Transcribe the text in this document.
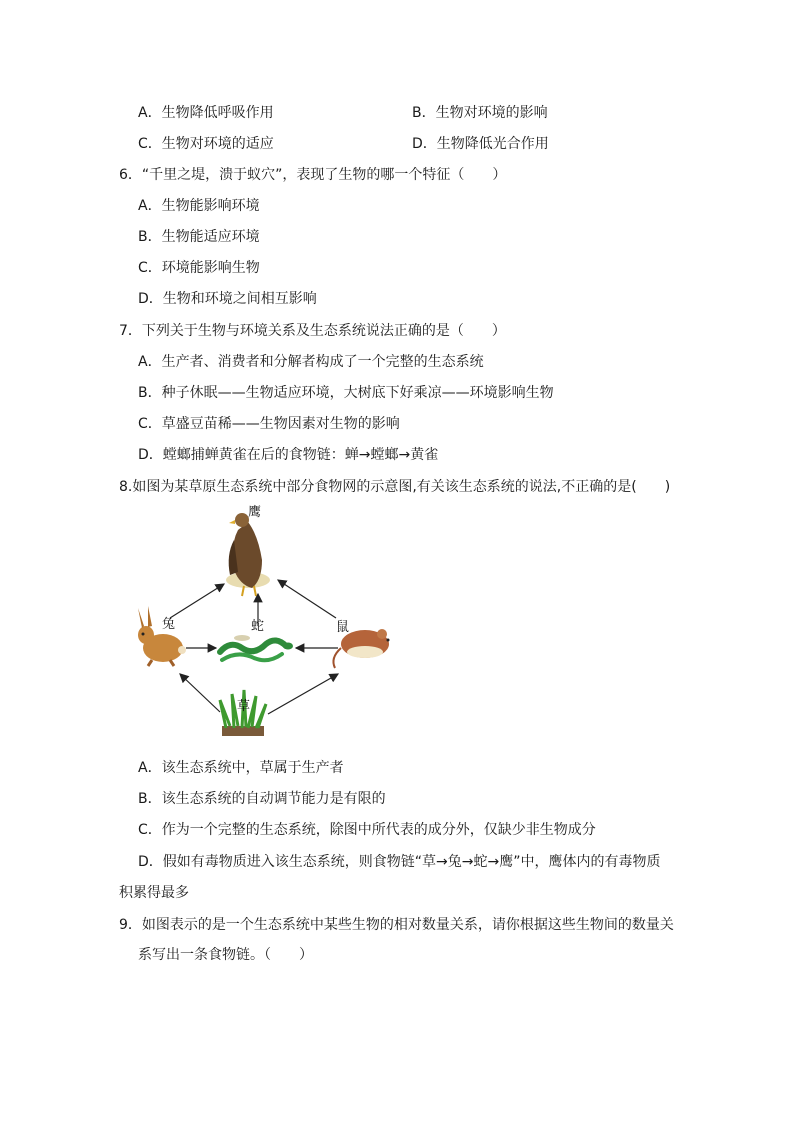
A．生物降低呼吸作用	B．生物对环境的影响
C．生物对环境的适应	D．生物降低光合作用
6．“千里之堤，溃于蚁穴”，表现了生物的哪一个特征（　　）
A．生物能影响环境
B．生物能适应环境
C．环境能影响生物
D．生物和环境之间相互影响
7．下列关于生物与环境关系及生态系统说法正确的是（　　）
A．生产者、消费者和分解者构成了一个完整的生态系统
B．种子休眠——生物适应环境，大树底下好乘凉——环境影响生物
C．草盛豆苗稀——生物因素对生物的影响
D．螳螂捕蝉黄雀在后的食物链：蝉→螳螂→黄雀
8.如图为某草原生态系统中部分食物网的示意图,有关该生态系统的说法,不正确的是(　　)
鹰
兔	蛇	鼠
草
A．该生态系统中，草属于生产者
B．该生态系统的自动调节能力是有限的
C．作为一个完整的生态系统，除图中所代表的成分外，仅缺少非生物成分
D．假如有毒物质进入该生态系统，则食物链“草→兔→蛇→鹰”中，鹰体内的有毒物质
积累得最多
9．如图表示的是一个生态系统中某些生物的相对数量关系，请你根据这些生物间的数量关
系写出一条食物链。（　　）
